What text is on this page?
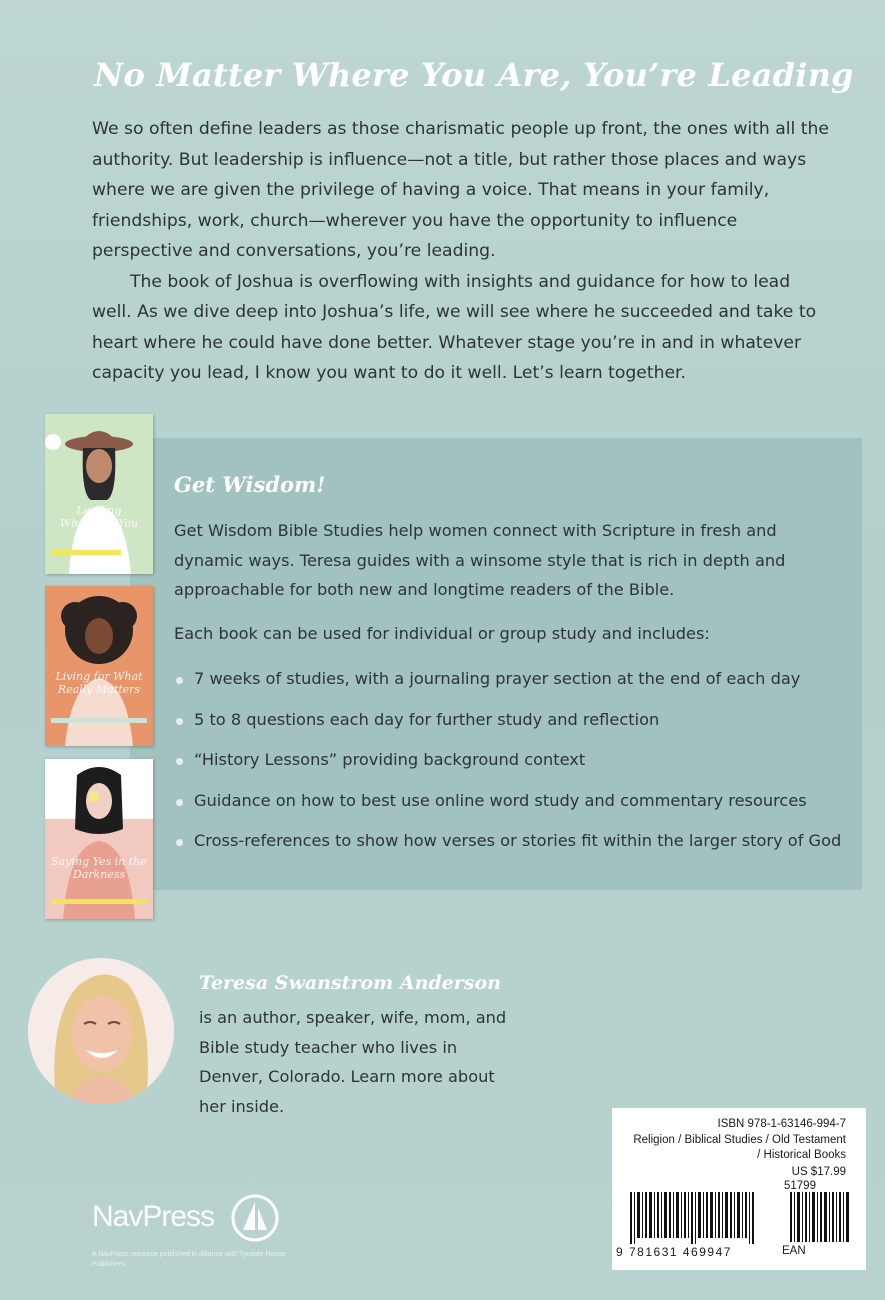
No Matter Where You Are, You’re Leading

We so often define leaders as those charismatic people up front, the ones with all the authority. But leadership is influence—not a title, but rather those places and ways where we are given the privilege of having a voice. That means in your family, friendships, work, church—wherever you have the opportunity to influence perspective and conversations, you’re leading.

The book of Joshua is overflowing with insights and guidance for how to lead well. As we dive deep into Joshua’s life, we will see where he succeeded and take to heart where he could have done better. Whatever stage you’re in and in whatever capacity you lead, I know you want to do it well. Let’s learn together.

Leading Wherever You Are
Living for What Really Matters
Saying Yes in the Darkness
Get Wisdom!

Get Wisdom Bible Studies help women connect with Scripture in fresh and dynamic ways. Teresa guides with a winsome style that is rich in depth and approachable for both new and longtime readers of the Bible.

Each book can be used for individual or group study and includes:

7 weeks of studies, with a journaling prayer section at the end of each day
5 to 8 questions each day for further study and reflection
“History Lessons” providing background context
Guidance on how to best use online word study and commentary resources
Cross-references to show how verses or stories fit within the larger story of God
Teresa Swanstrom Anderson

is an author, speaker, wife, mom, and Bible study teacher who lives in Denver, Colorado. Learn more about her inside.

NavPress
A NavPress resource published in alliance with Tyndale House Publishers
ISBN 978-1-63146-994-7
Religion / Biblical Studies / Old Testament
/ Historical Books
US $17.99
51799
9 781631 469947	EAN
